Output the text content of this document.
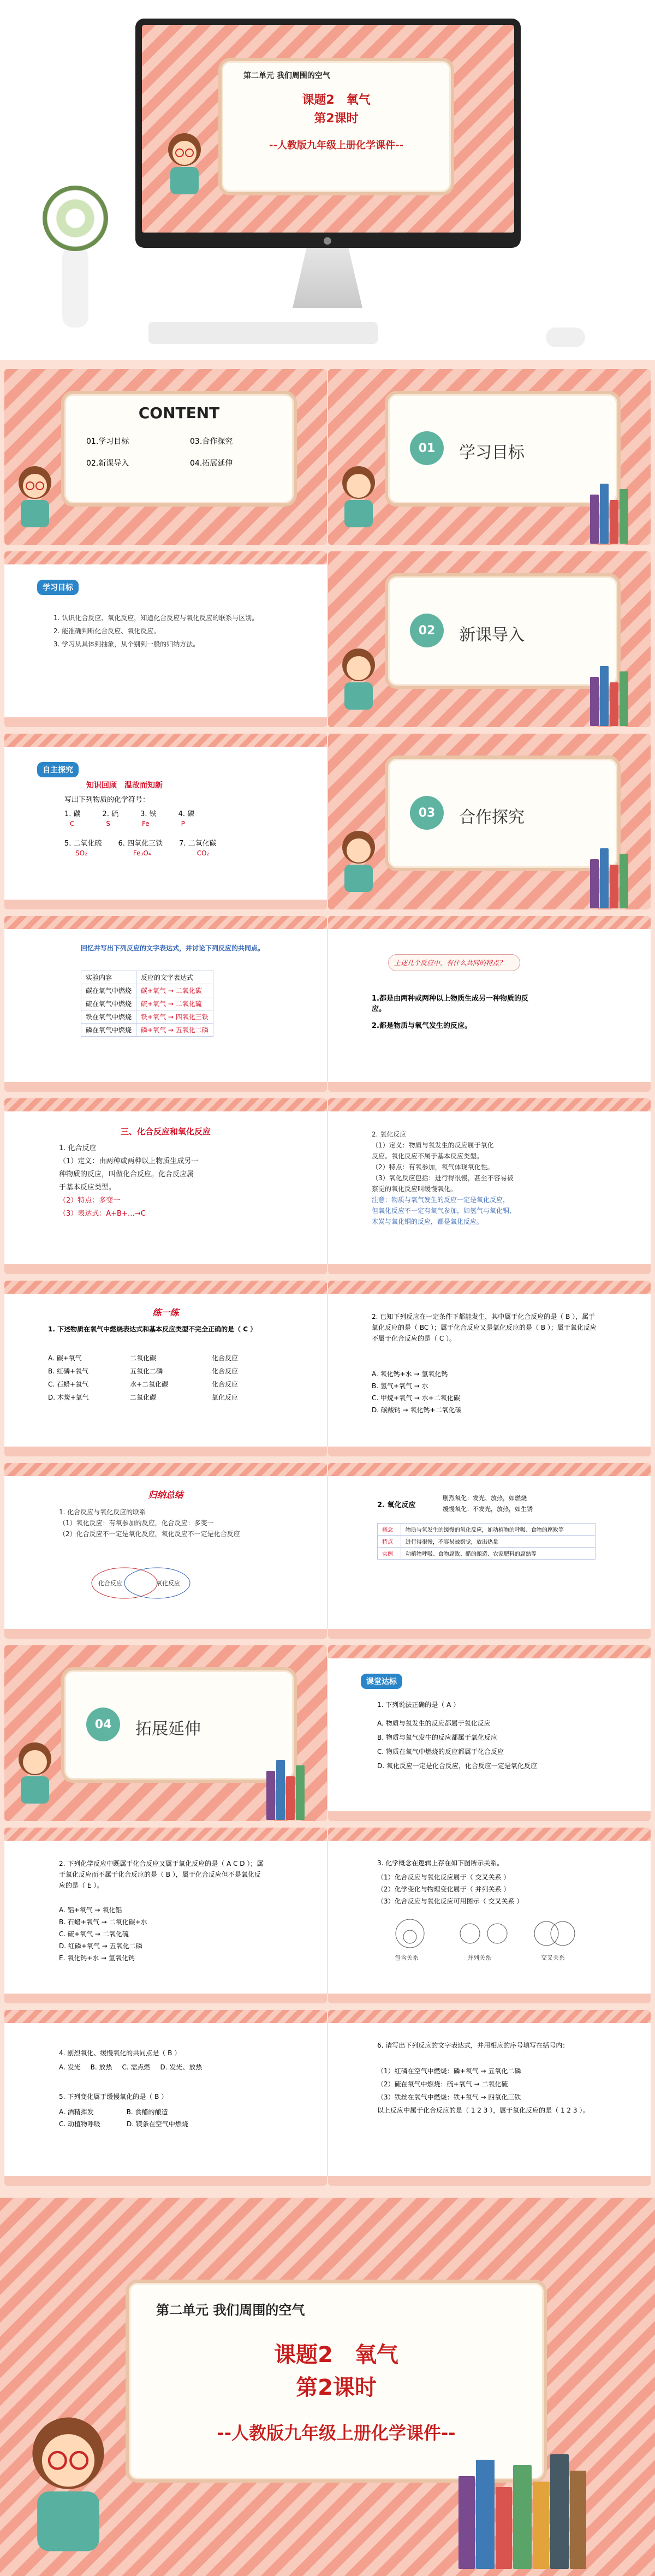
第二单元 我们周围的空气
课题2　氧气
第2课时
--人教版九年级上册化学课件--
●
CONTENT
01.学习目标	03.合作探究
02.新课导入	04.拓展延伸
01	学习目标
学习目标

1. 认识化合反应、氧化反应，知道化合反应与氧化反应的联系与区别。

2. 能准确判断化合反应、氧化反应。

3. 学习从具体到抽象，从个别到一般的归纳方法。

02	新课导入
自主探究
知识回顾　温故而知新
写出下列物质的化学符号：
1. 碳	2. 硫	3. 铁	4. 磷
C	S	Fe	P
5. 二氧化硫 6. 四氧化三铁 7. 二氧化碳
SO₂	Fe₃O₄	CO₂
03	合作探究
回忆并写出下列反应的文字表达式，并讨论下列反应的共同点。
实验内容	反应的文字表达式
碳在氧气中燃烧	碳+氧气 → 二氧化碳
硫在氧气中燃烧	硫+氧气 → 二氧化硫
铁在氧气中燃烧	铁+氧气 → 四氧化三铁
磷在氧气中燃烧	磷+氧气 → 五氧化二磷
上述几个反应中，有什么共同的特点？
1.都是由两种或两种以上物质生成另一种物质的反应。
2.都是物质与氧气发生的反应。
三、化合反应和氧化反应

1. 化合反应

（1）定义：由两种或两种以上物质生成另一

种物质的反应，叫做化合反应。化合反应属

于基本反应类型。

（2）特点：多变一

（3）表达式：A+B+…→C

2. 氧化反应

（1）定义：物质与氧发生的反应属于氧化

反应。氧化反应不属于基本反应类型。

（2）特点：有氧参加，氧气体现氧化性。

（3）氧化反应包括：进行得很慢，甚至不容易被

察觉的氧化反应叫缓慢氧化。

注意：物质与氧气发生的反应一定是氧化反应，

但氧化反应不一定有氧气参加，如氢气与氧化铜、

木炭与氧化铜的反应，都是氧化反应。

练一练
1. 下述物质在氧气中燃烧表达式和基本反应类型不完全正确的是（ C ）
A. 碳+氧气	二氧化碳	化合反应
B. 红磷+氧气	五氧化二磷	化合反应
C. 石蜡+氧气	水+二氧化碳	化合反应
D. 木炭+氧气	二氧化碳	氧化反应
2. 已知下列反应在一定条件下都能发生，其中属于化合反应的是（ B ），属于氧化反应的是（ BC ）；属于化合反应又是氧化反应的是（ B ）；属于氧化反应不属于化合反应的是（ C ）。
A. 氧化钙+水 → 氢氧化钙
B. 氢气+氧气 → 水
C. 甲烷+氧气 → 水+二氧化碳
D. 碳酸钙 → 氧化钙+二氧化碳
归纳总结

1. 化合反应与氧化反应的联系

（1）氧化反应：有氧参加的反应，化合反应：多变一

（2）化合反应不一定是氧化反应，氧化反应不一定是化合反应

化合反应	氧化反应
2. 氧化反应
剧烈氧化：发光、放热，如燃烧
缓慢氧化：不发光，放热，如生锈
概念	物质与氧发生的缓慢的氧化反应，如动植物的呼吸、食物的腐败等
特点	进行得很慢，不容易被察觉，放出热量
实例	动植物呼吸、食物腐败、醋的酿造、农家肥料的腐熟等
04	拓展延伸
课堂达标
1. 下列说法正确的是（ A ）
A. 物质与氧发生的反应都属于氧化反应
B. 物质与氧气发生的反应都属于氧化反应
C. 物质在氧气中燃烧的反应都属于化合反应
D. 氧化反应一定是化合反应，化合反应一定是氧化反应
2. 下列化学反应中既属于化合反应又属于氧化反应的是（ A C D ）；属于氧化反应而不属于化合反应的是（ B ），属于化合反应但不是氧化反应的是（ E ）。
A. 铝+氧气 → 氧化铝
B. 石蜡+氧气 → 二氧化碳+水
C. 硫+氧气 → 二氧化硫
D. 红磷+氧气 → 五氧化二磷
E. 氧化钙+水 → 氢氧化钙
3. 化学概念在逻辑上存在如下图所示关系。
（1）化合反应与氧化反应属于（ 交叉关系 ）
（2）化学变化与物理变化属于（ 并列关系 ）
（3）化合反应与氧化反应可用图示（ 交叉关系 ）
包含关系	并列关系	交叉关系
4. 剧烈氧化、缓慢氧化的共同点是（ B ）
A. 发光 B. 放热 C. 需点燃 D. 发光、放热
5. 下列变化属于缓慢氧化的是（ B ）
A. 酒精挥发	B. 食醋的酿造
C. 动植物呼吸	D. 镁条在空气中燃烧
6. 请写出下列反应的文字表达式，并用相应的序号填写在括号内：
（1）红磷在空气中燃烧：磷+氧气 → 五氧化二磷
（2）硫在氧气中燃烧：硫+氧气 → 二氧化硫
（3）铁丝在氧气中燃烧：铁+氧气 → 四氧化三铁
以上反应中属于化合反应的是（ 1 2 3 ），属于氧化反应的是（ 1 2 3 ）。
第二单元 我们周围的空气
课题2　氧气
第2课时
--人教版九年级上册化学课件--
